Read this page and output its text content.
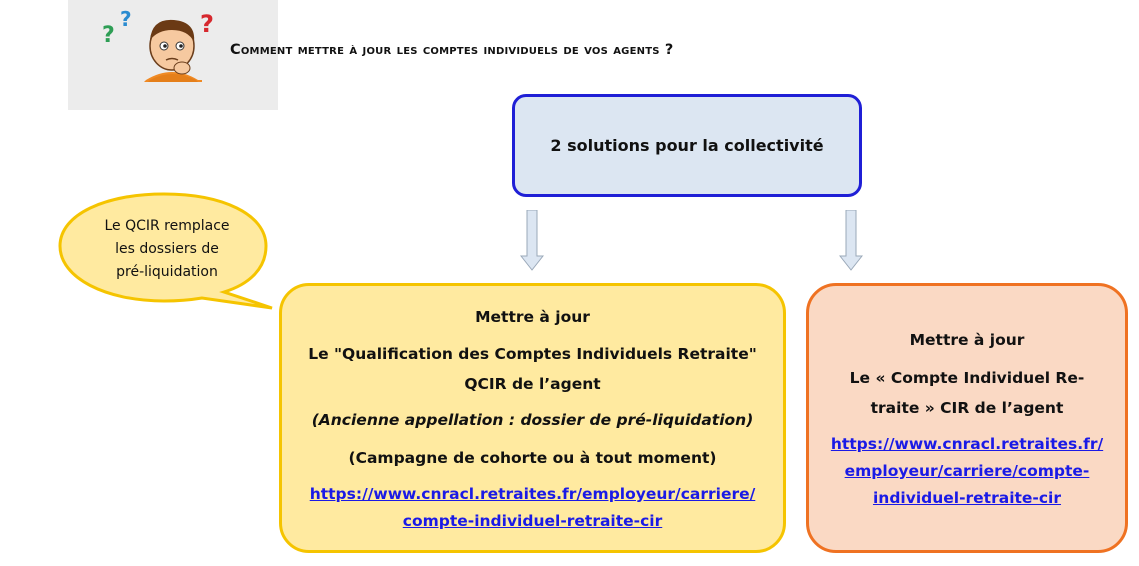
?
?	?
Comment mettre à jour les comptes individuels de vos agents ?
2 solutions pour la collectivité
Le QCIR remplace
les dossiers de
pré-liquidation
Mettre à jour
Le "Qualification des Comptes Individuels Retraite"
QCIR de l’agent
(Ancienne appellation : dossier de pré-liquidation)
(Campagne de cohorte ou à tout moment)
https://www.cnracl.retraites.fr/employeur/carriere/
compte-individuel-retraite-cir
Mettre à jour
Le « Compte Individuel Re-
traite » CIR de l’agent
https://www.cnracl.retraites.fr/
employeur/carriere/compte-
individuel-retraite-cir
